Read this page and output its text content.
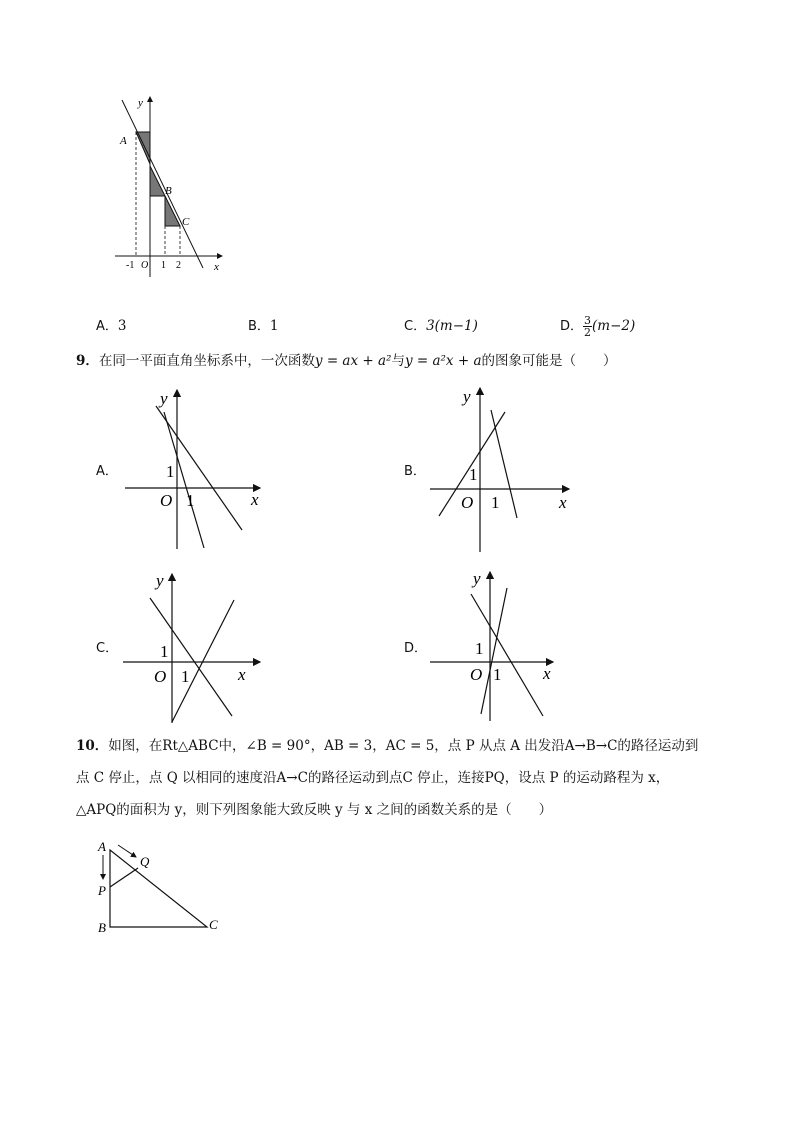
y
A
B
C
-1 O 1 2	x
A．3	B．1	C．3(m−1)	D． $\frac{3}{2} (m-2)$
9．在同一平面直角坐标系中，一次函数y = ax + a²与y = a²x + a的图象可能是（　　）
A．	B．
C．	D．
y
1
O 1	x
y
1
O 1	x
y
1
O 1	x
y
1
O 1 x
10．如图，在Rt△ABC中，∠B = 90°，AB = 3，AC = 5，点 P 从点 A 出发沿A→B→C的路径运动到
点 C 停止，点 Q 以相同的速度沿A→C的路径运动到点C 停止，连接PQ，设点 P 的运动路程为 x，
△APQ的面积为 y，则下列图象能大致反映 y 与 x 之间的函数关系的是（　　）
A
Q
P
B	C
